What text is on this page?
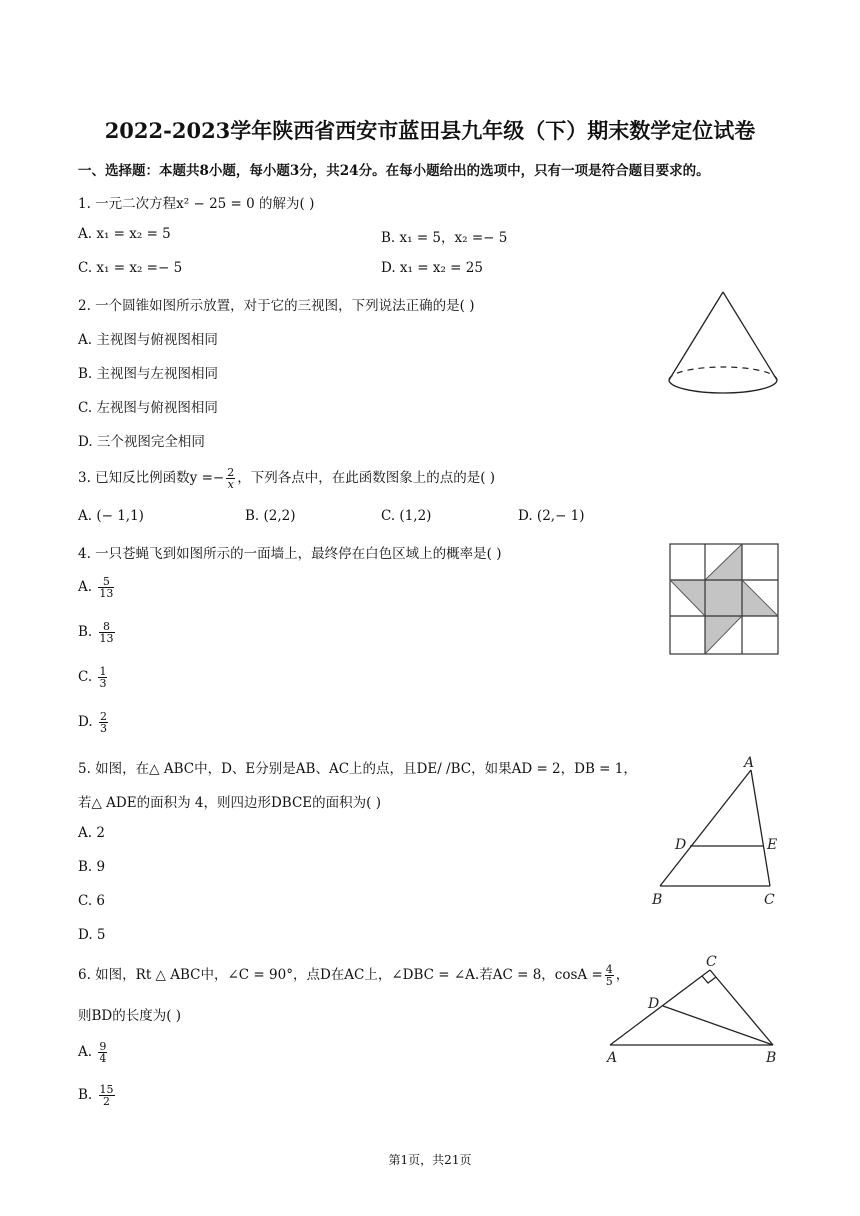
2022-2023学年陕西省西安市蓝田县九年级（下）期末数学定位试卷
一、选择题：本题共8小题，每小题3分，共24分。在每小题给出的选项中，只有一项是符合题目要求的。
1. 一元二次方程x² − 25 = 0 的解为( )
A. x₁ = x₂ = 5	B. x₁ = 5，x₂ =− 5
C. x₁ = x₂ =− 5	D. x₁ = x₂ = 25
2. 一个圆锥如图所示放置，对于它的三视图，下列说法正确的是( )
A. 主视图与俯视图相同
B. 主视图与左视图相同
C. 左视图与俯视图相同
D. 三个视图完全相同
3. 已知反比例函数$y =- \frac{2}{x}$ ，下列各点中，在此函数图象上的点的是( )
A. (− 1,1)	B. (2,2)	C. (1,2)	D. (2,− 1)
4. 一只苍蝇飞到如图所示的一面墙上，最终停在白色区域上的概率是( )
A. $\frac{5}{13}$
B. $\frac{8}{13}$
C. $\frac{1}{3}$
D. $\frac{2}{3}$
5. 如图，在△ ABC中，D、E分别是AB、AC上的点，且DE/ /BC，如果AD = 2，DB = 1，
若△ ADE的面积为 4，则四边形DBCE的面积为( )
A. 2
B. 9
C. 6
D. 5
A
D	E
B	C
6. 如图，Rt △ ABC中，∠C = 90°，点D在AC上，∠DBC = ∠A.若AC = 8，$\cos A = \frac{4}{5}$ ，
则BD的长度为( )
A. $\frac{9}{4}$
B. $\frac{15}{2}$
C
D
A	B
第1页，共21页
